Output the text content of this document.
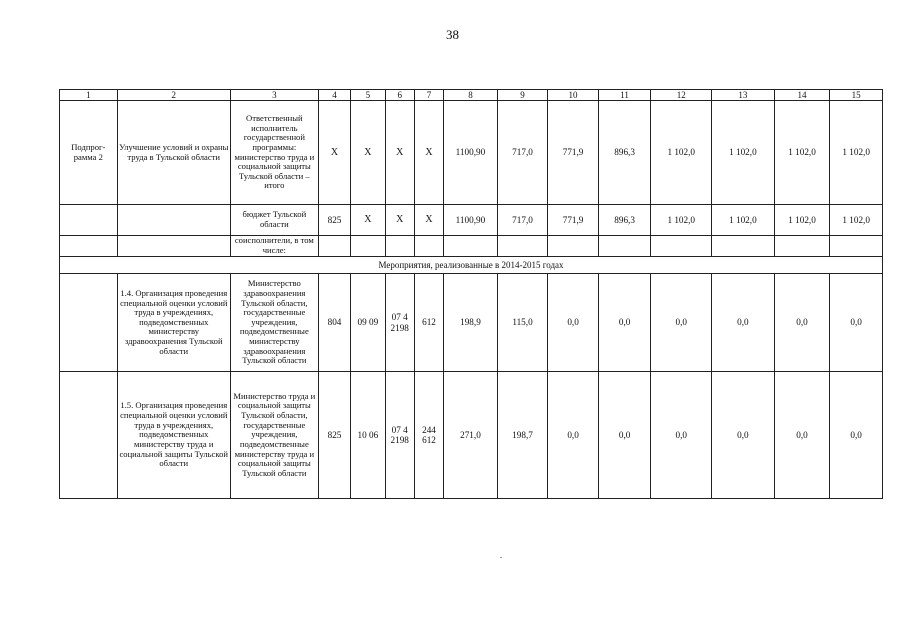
38
1	2	3	4	5	6	7	8	9	10	11	12	13	14	15
Подпрог-рамма 2	Улучшение условий и охраны труда в Тульской области	Ответственный исполнитель государственной программы: министерство труда и социальной защиты Тульской области – итого	X	X	X	X	1100,90	717,0	771,9	896,3	1 102,0	1 102,0	1 102,0	1 102,0
		бюджет Тульской области	825	X	X	X	1100,90	717,0	771,9	896,3	1 102,0	1 102,0	1 102,0	1 102,0
		соисполнители, в том числе:												
Мероприятия, реализованные в 2014-2015 годах														
	1.4. Организация проведения специальной оценки условий труда в учреждениях, подведомственных министерству здравоохранения Тульской области	Министерство здравоохранения Тульской области, государственные учреждения, подведомственные министерству здравоохранения Тульской области	804	09 09	07 4 2198	612	198,9	115,0	0,0	0,0	0,0	0,0	0,0	0,0
	1.5. Организация проведения специальной оценки условий труда в учреждениях, подведомственных министерству труда и социальной защиты Тульской области	Министерство труда и социальной защиты Тульской области, государственные учреждения, подведомственные министерству труда и социальной защиты Тульской области	825	10 06	07 4 2198	244 612	271,0	198,7	0,0	0,0	0,0	0,0	0,0	0,0
